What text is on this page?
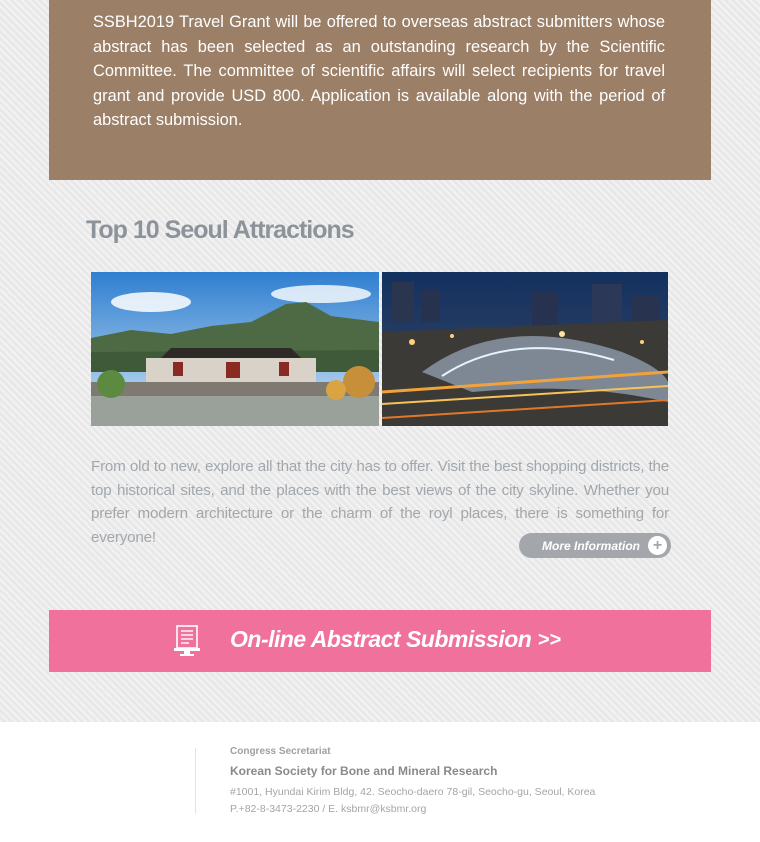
SSBH2019 Travel Grant will be offered to overseas abstract submitters whose abstract has been selected as an outstanding research by the Scientific Committee. The committee of scientific affairs will select recipients for travel grant and provide USD 800. Application is available along with the period of abstract submission.

Top 10 Seoul Attractions

From old to new, explore all that the city has to offer. Visit the best shopping districts, the top historical sites, and the places with the best views of the city skyline. Whether you prefer modern architecture or the charm of the royl places, there is something for everyone!	More Information +
On-line Abstract Submission >>

Congress Secretariat

Korean Society for Bone and Mineral Research

#1001, Hyundai Kirim Bldg, 42. Seocho-daero 78-gil, Seocho-gu, Seoul, Korea

P.+82-8-3473-2230 / E. ksbmr@ksbmr.org
